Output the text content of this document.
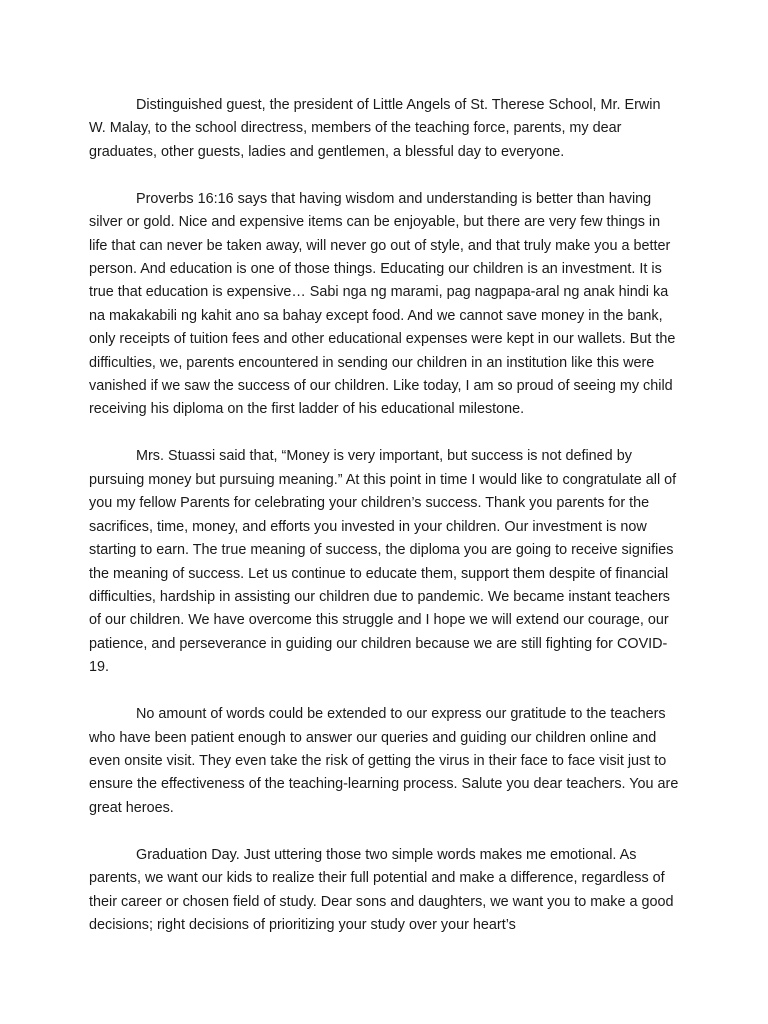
Distinguished guest, the president of Little Angels of St. Therese School, Mr. Erwin W. Malay, to the school directress, members of the teaching force, parents, my dear graduates, other guests, ladies and gentlemen, a blessful day to everyone.

Proverbs 16:16 says that having wisdom and understanding is better than having silver or gold. Nice and expensive items can be enjoyable, but there are very few things in life that can never be taken away, will never go out of style, and that truly make you a better person. And education is one of those things. Educating our children is an investment. It is true that education is expensive… Sabi nga ng marami, pag nagpapa-aral ng anak hindi ka na makakabili ng kahit ano sa bahay except food. And we cannot save money in the bank, only receipts of tuition fees and other educational expenses were kept in our wallets. But the difficulties, we, parents encountered in sending our children in an institution like this were vanished if we saw the success of our children. Like today, I am so proud of seeing my child receiving his diploma on the first ladder of his educational milestone.

Mrs. Stuassi said that, “Money is very important, but success is not defined by pursuing money but pursuing meaning.” At this point in time I would like to congratulate all of you my fellow Parents for celebrating your children’s success. Thank you parents for the sacrifices, time, money, and efforts you invested in your children. Our investment is now starting to earn. The true meaning of success, the diploma you are going to receive signifies the meaning of success. Let us continue to educate them, support them despite of financial difficulties, hardship in assisting our children due to pandemic. We became instant teachers of our children. We have overcome this struggle and I hope we will extend our courage, our patience, and perseverance in guiding our children because we are still fighting for COVID-19.

No amount of words could be extended to our express our gratitude to the teachers who have been patient enough to answer our queries and guiding our children online and even onsite visit. They even take the risk of getting the virus in their face to face visit just to ensure the effectiveness of the teaching-learning process. Salute you dear teachers. You are great heroes.

Graduation Day. Just uttering those two simple words makes me emotional. As parents, we want our kids to realize their full potential and make a difference, regardless of their career or chosen field of study. Dear sons and daughters, we want you to make a good decisions; right decisions of prioritizing your study over your heart’s
